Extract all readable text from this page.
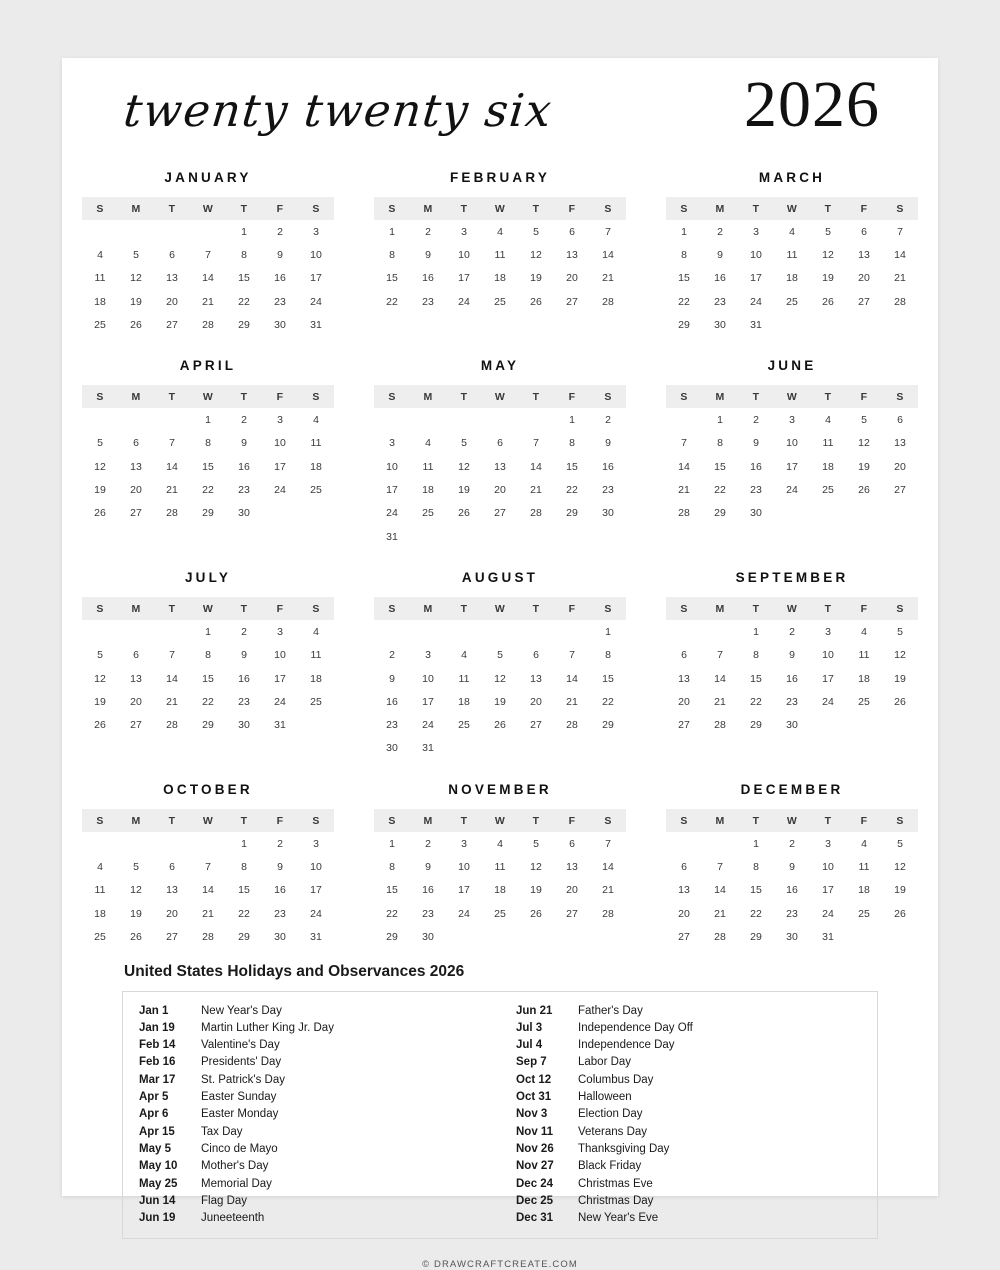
twenty twenty six	2026
JANUARY
S	M	T	W	T	F	S
				1	2	3
4	5	6	7	8	9	10
11	12	13	14	15	16	17
18	19	20	21	22	23	24
25	26	27	28	29	30	31
FEBRUARY
S	M	T	W	T	F	S
1	2	3	4	5	6	7
8	9	10	11	12	13	14
15	16	17	18	19	20	21
22	23	24	25	26	27	28
MARCH
S	M	T	W	T	F	S
1	2	3	4	5	6	7
8	9	10	11	12	13	14
15	16	17	18	19	20	21
22	23	24	25	26	27	28
29	30	31				
APRIL
S	M	T	W	T	F	S
			1	2	3	4
5	6	7	8	9	10	11
12	13	14	15	16	17	18
19	20	21	22	23	24	25
26	27	28	29	30		
MAY
S	M	T	W	T	F	S
					1	2
3	4	5	6	7	8	9
10	11	12	13	14	15	16
17	18	19	20	21	22	23
24	25	26	27	28	29	30
31						
JUNE
S	M	T	W	T	F	S
	1	2	3	4	5	6
7	8	9	10	11	12	13
14	15	16	17	18	19	20
21	22	23	24	25	26	27
28	29	30				
JULY
S	M	T	W	T	F	S
			1	2	3	4
5	6	7	8	9	10	11
12	13	14	15	16	17	18
19	20	21	22	23	24	25
26	27	28	29	30	31	
AUGUST
S	M	T	W	T	F	S
						1
2	3	4	5	6	7	8
9	10	11	12	13	14	15
16	17	18	19	20	21	22
23	24	25	26	27	28	29
30	31					
SEPTEMBER
S	M	T	W	T	F	S
		1	2	3	4	5
6	7	8	9	10	11	12
13	14	15	16	17	18	19
20	21	22	23	24	25	26
27	28	29	30			
OCTOBER
S	M	T	W	T	F	S
				1	2	3
4	5	6	7	8	9	10
11	12	13	14	15	16	17
18	19	20	21	22	23	24
25	26	27	28	29	30	31
NOVEMBER
S	M	T	W	T	F	S
1	2	3	4	5	6	7
8	9	10	11	12	13	14
15	16	17	18	19	20	21
22	23	24	25	26	27	28
29	30					
DECEMBER
S	M	T	W	T	F	S
		1	2	3	4	5
6	7	8	9	10	11	12
13	14	15	16	17	18	19
20	21	22	23	24	25	26
27	28	29	30	31		
United States Holidays and Observances 2026
Jan 1	New Year's Day
Jan 19	Martin Luther King Jr. Day
Feb 14	Valentine's Day
Feb 16	Presidents' Day
Mar 17	St. Patrick's Day
Apr 5	Easter Sunday
Apr 6	Easter Monday
Apr 15	Tax Day
May 5	Cinco de Mayo
May 10	Mother's Day
May 25	Memorial Day
Jun 14	Flag Day
Jun 19	Juneeteenth
Jun 21	Father's Day
Jul 3	Independence Day Off
Jul 4	Independence Day
Sep 7	Labor Day
Oct 12	Columbus Day
Oct 31	Halloween
Nov 3	Election Day
Nov 11	Veterans Day
Nov 26	Thanksgiving Day
Nov 27	Black Friday
Dec 24	Christmas Eve
Dec 25	Christmas Day
Dec 31	New Year's Eve
© DRAWCRAFTCREATE.COM
